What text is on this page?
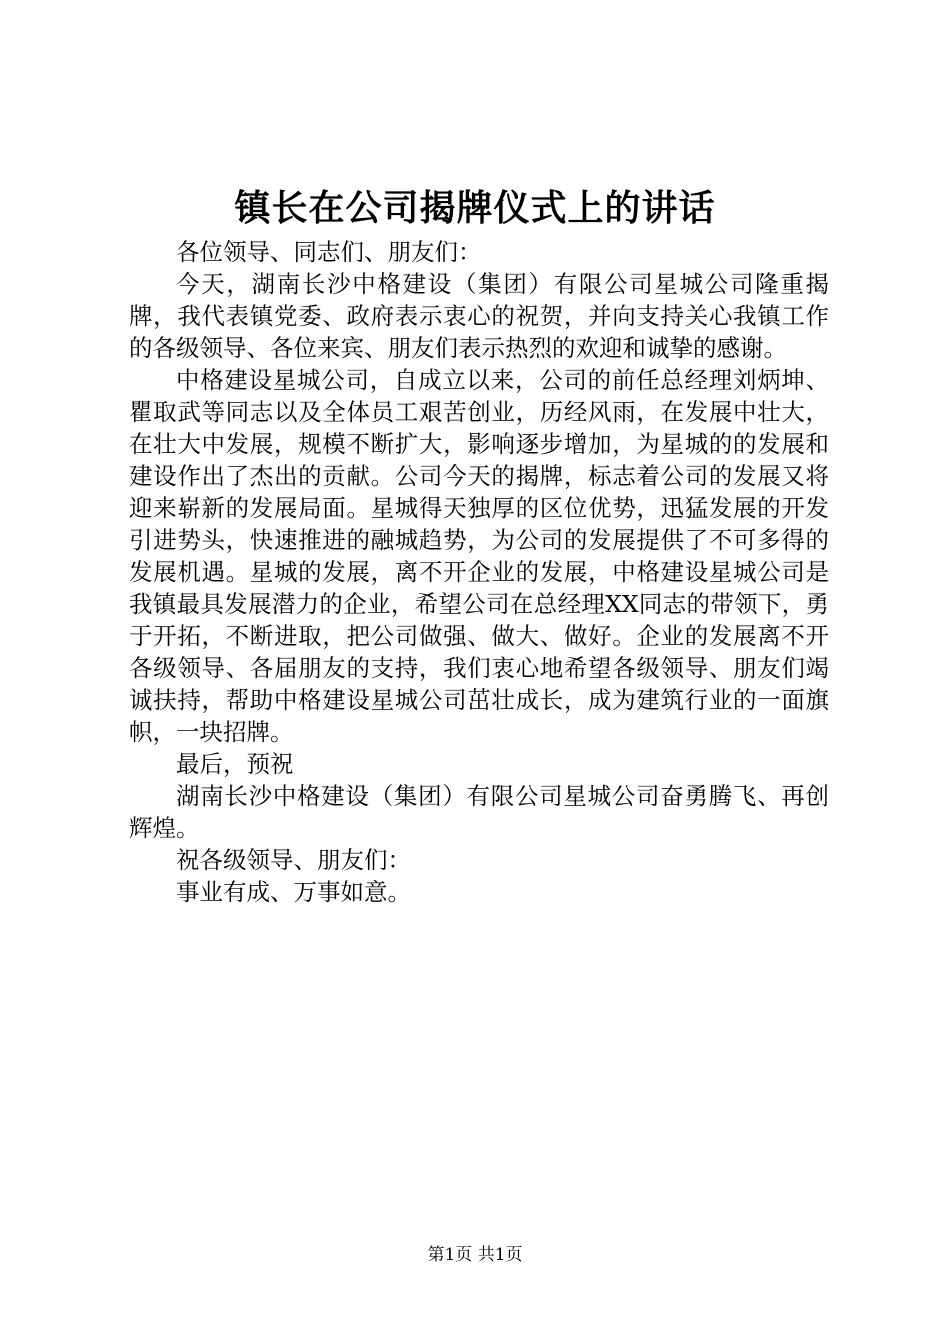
镇长在公司揭牌仪式上的讲话

各位领导、同志们、朋友们：

今天，湖南长沙中格建设（集团）有限公司星城公司隆重揭牌，我代表镇党委、政府表示衷心的祝贺，并向支持关心我镇工作的各级领导、各位来宾、朋友们表示热烈的欢迎和诚挚的感谢。

中格建设星城公司，自成立以来，公司的前任总经理刘炳坤、瞿取武等同志以及全体员工艰苦创业，历经风雨，在发展中壮大，在壮大中发展，规模不断扩大，影响逐步增加，为星城的的发展和建设作出了杰出的贡献。公司今天的揭牌，标志着公司的发展又将迎来崭新的发展局面。星城得天独厚的区位优势，迅猛发展的开发引进势头，快速推进的融城趋势，为公司的发展提供了不可多得的发展机遇。星城的发展，离不开企业的发展，中格建设星城公司是我镇最具发展潜力的企业，希望公司在总经理XX同志的带领下，勇于开拓，不断进取，把公司做强、做大、做好。企业的发展离不开各级领导、各届朋友的支持，我们衷心地希望各级领导、朋友们竭诚扶持，帮助中格建设星城公司茁壮成长，成为建筑行业的一面旗帜，一块招牌。

最后，预祝

湖南长沙中格建设（集团）有限公司星城公司奋勇腾飞、再创辉煌。

祝各级领导、朋友们：

事业有成、万事如意。

第1页 共1页
